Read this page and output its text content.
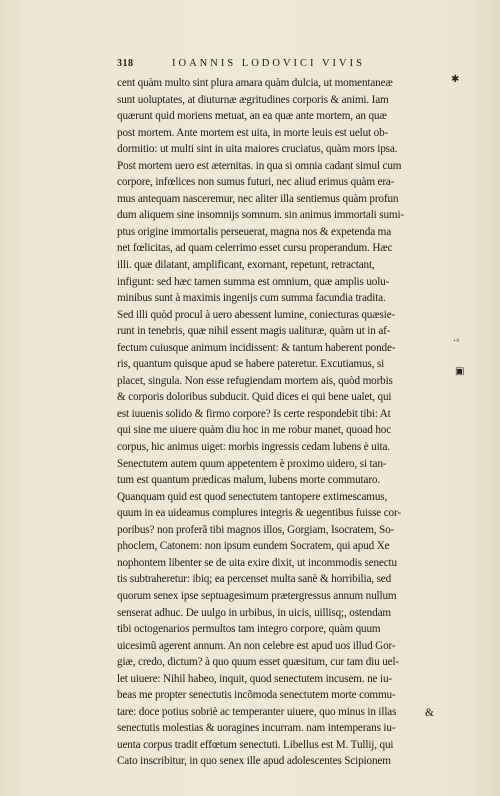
318	IOANNIS LODOVICI VIVIS
cent quàm multo sint plura amara quàm dulcia, ut momentaneæ
sunt uoluptates, at diuturnæ ægritudines corporis & animi. Iam
quærunt quid moriens metuat, an ea quæ ante mortem, an quæ
post mortem. Ante mortem est uita, in morte leuis est uelut ob-
dormitio: ut multi sint in uita maiores cruciatus, quàm mors ipsa.
Post mortem uero est æternitas. in qua si omnia cadant simul cum
corpore, infœlices non sumus futuri, nec aliud erimus quàm era-
mus antequam nasceremur, nec aliter illa sentiemus quàm profun
dum aliquem sine insomnijs somnum. sin animus immortali sumi-
ptus origine immortalis perseuerat, magna nos & expetenda ma
net fœlicitas, ad quam celerrimo esset cursu properandum. Hæc
illi. quæ dilatant, amplificant, exornant, repetunt, retractant,
infigunt: sed hæc tamen summa est omnium, quæ amplis uolu-
minibus sunt à maximis ingenijs cum summa facundia tradita.
Sed illi quòd procul à uero abessent lumine, coniecturas quæsie-
runt in tenebris, quæ nihil essent magis ualituræ, quàm ut in af-
fectum cuiusque animum incidissent: & tantum haberent ponde-
ris, quantum quisque apud se habere pateretur. Excutiamus, si
placet, singula. Non esse refugiendam mortem ais, quòd morbis
& corporis doloribus subducit. Quid dices ei qui bene ualet, qui
est iuuenis solido & firmo corpore? Is certe respondebit tibi: At
qui sine me uiuere quàm diu hoc in me robur manet, quoad hoc
corpus, hic animus uiget: morbis ingressis cedam lubens è uita.
Senectutem autem quum appetentem è proximo uidero, si tan-
tum est quantum prædicas malum, lubens morte commutaro.
Quanquam quid est quod senectutem tantopere extimescamus,
quum in ea uideamus complures integris & uegentibus fuisse cor-
poribus? non proferã tibi magnos illos, Gorgiam, Isocratem, So-
phoclem, Catonem: non ipsum eundem Socratem, qui apud Xe
nophontem libenter se de uita exire dixit, ut incommodis senectu
tis subtraheretur: ibiq; ea percenset multa sanè & horribilia, sed
quorum senex ipse septuagesimum prætergressus annum nullum
senserat adhuc. De uulgo in urbibus, in uicis, uillisq;, ostendam
tibi octogenarios permultos tam integro corpore, quàm quum
uicesimũ agerent annum. An non celebre est apud uos illud Gor-
giæ, credo, dictum? à quo quum esset quæsitum, cur tam diu uel-
let uiuere: Nihil habeo, inquit, quod senectutem incusem. ne iu-
beas me propter senectutis incõmoda senectutem morte commu-
tare: doce potius sobriè ac temperanter uiuere, quo minus in illas
senectutis molestias & uoragines incurram. nam intemperans iu-
uenta corpus tradit effœtum senectuti. Libellus est M. Tullij, qui
Cato inscribitur, in quo senex ille apud adolescentes Scipionem
✱
·ᵃ
▣
&
